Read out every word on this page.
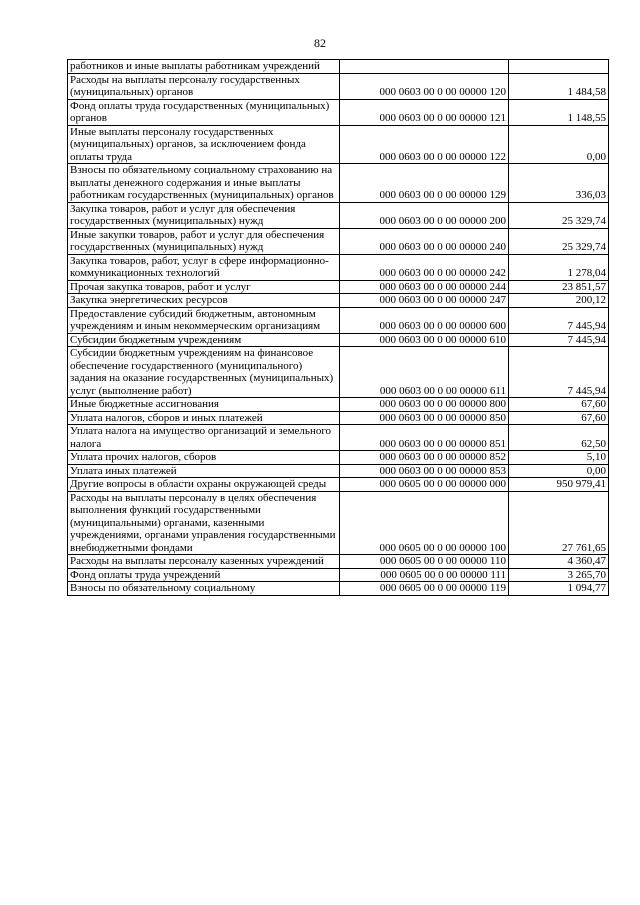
82
работников и иные выплаты работникам учреждений		
Расходы на выплаты персоналу государственных (муниципальных) органов	000 0603 00 0 00 00000 120	1 484,58
Фонд оплаты труда государственных (муниципальных) органов	000 0603 00 0 00 00000 121	1 148,55
Иные выплаты персоналу государственных (муниципальных) органов, за исключением фонда оплаты труда	000 0603 00 0 00 00000 122	0,00
Взносы по обязательному социальному страхованию на выплаты денежного содержания и иные выплаты работникам государственных (муниципальных) органов	000 0603 00 0 00 00000 129	336,03
Закупка товаров, работ и услуг для обеспечения государственных (муниципальных) нужд	000 0603 00 0 00 00000 200	25 329,74
Иные закупки товаров, работ и услуг для обеспечения государственных (муниципальных) нужд	000 0603 00 0 00 00000 240	25 329,74
Закупка товаров, работ, услуг в сфере информационно-коммуникационных технологий	000 0603 00 0 00 00000 242	1 278,04
Прочая закупка товаров, работ и услуг	000 0603 00 0 00 00000 244	23 851,57
Закупка энергетических ресурсов	000 0603 00 0 00 00000 247	200,12
Предоставление субсидий бюджетным, автономным учреждениям и иным некоммерческим организациям	000 0603 00 0 00 00000 600	7 445,94
Субсидии бюджетным учреждениям	000 0603 00 0 00 00000 610	7 445,94
Субсидии бюджетным учреждениям на финансовое обеспечение государственного (муниципального) задания на оказание государственных (муниципальных) услуг (выполнение работ)	000 0603 00 0 00 00000 611	7 445,94
Иные бюджетные ассигнования	000 0603 00 0 00 00000 800	67,60
Уплата налогов, сборов и иных платежей	000 0603 00 0 00 00000 850	67,60
Уплата налога на имущество организаций и земельного налога	000 0603 00 0 00 00000 851	62,50
Уплата прочих налогов, сборов	000 0603 00 0 00 00000 852	5,10
Уплата иных платежей	000 0603 00 0 00 00000 853	0,00
Другие вопросы в области охраны окружающей среды	000 0605 00 0 00 00000 000	950 979,41
Расходы на выплаты персоналу в целях обеспечения выполнения функций государственными (муниципальными) органами, казенными учреждениями, органами управления государственными внебюджетными фондами	000 0605 00 0 00 00000 100	27 761,65
Расходы на выплаты персоналу казенных учреждений	000 0605 00 0 00 00000 110	4 360,47
Фонд оплаты труда учреждений	000 0605 00 0 00 00000 111	3 265,70
Взносы по обязательному социальному	000 0605 00 0 00 00000 119	1 094,77
